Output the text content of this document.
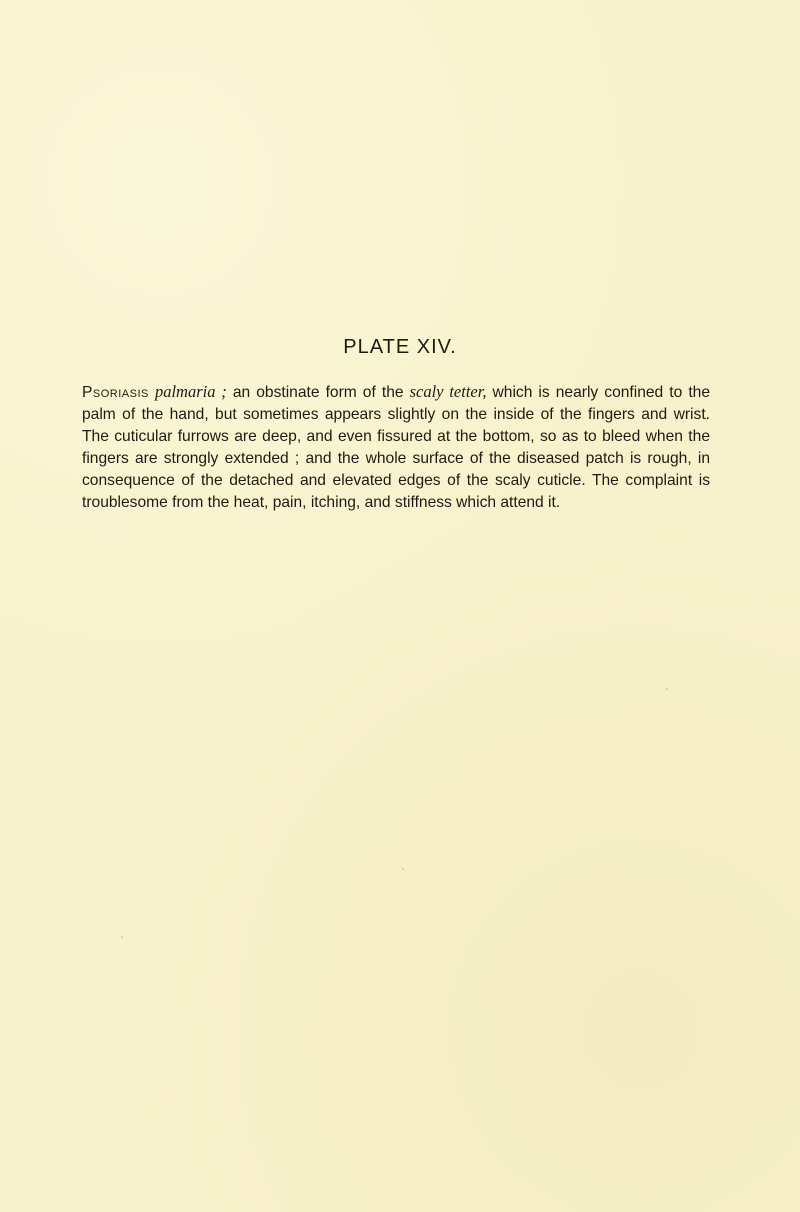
PLATE XIV.

Psoriasis palmaria ; an obstinate form of the scaly tetter, which is nearly confined to the palm of the hand, but sometimes appears slightly on the inside of the fingers and wrist. The cuticular furrows are deep, and even fissured at the bottom, so as to bleed when the fingers are strongly extended ; and the whole surface of the diseased patch is rough, in consequence of the detached and elevated edges of the scaly cuticle. The complaint is troublesome from the heat, pain, itching, and stiffness which attend it.
